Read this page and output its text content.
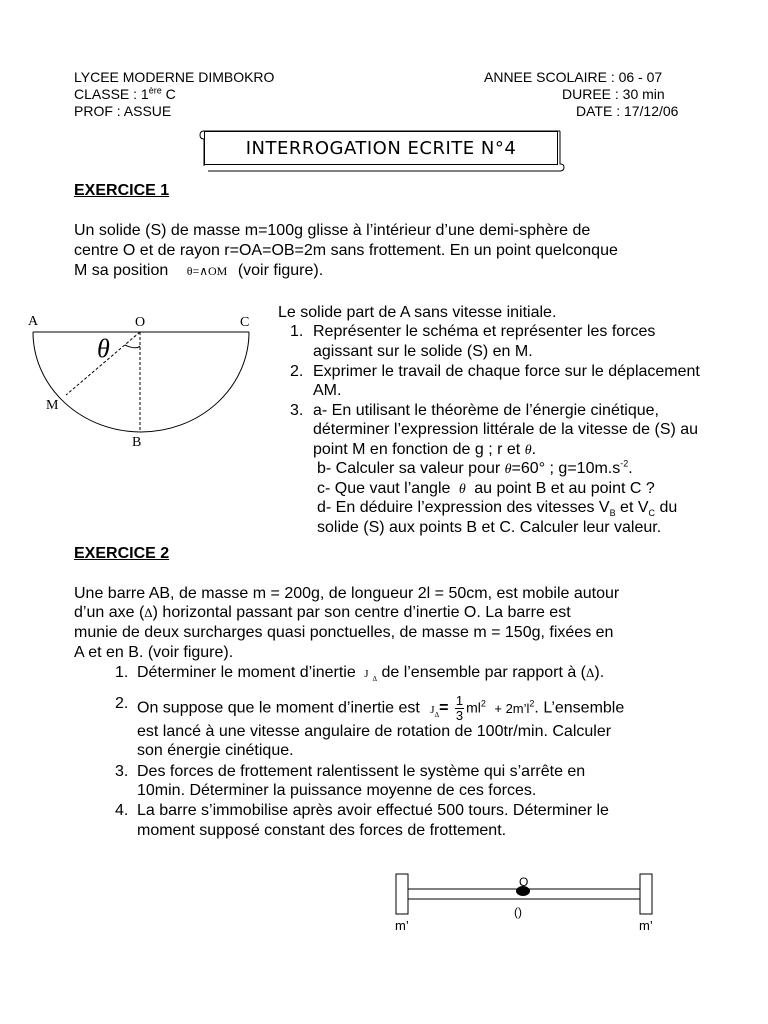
LYCEE MODERNE DIMBOKRO
CLASSE : 1ère C
PROF : ASSUE
ANNEE SCOLAIRE : 06 - 07
DUREE : 30 min
DATE : 17/12/06
INTERROGATION ECRITE N°4
EXERCICE 1
Un solide (S) de masse m=100g glisse à l’intérieur d’une demi-sphère de
centre O et de rayon r=OA=OB=2m sans frottement. En un point quelconque
M sa position θ=∧OM (voir figure).
A	O	C
M
B
θ
Le solide part de A sans vitesse initiale.
1. Représenter le schéma et représenter les forces
agissant sur le solide (S) en M.
2. Exprimer le travail de chaque force sur le déplacement
AM.
3. a- En utilisant le théorème de l’énergie cinétique,
déterminer l’expression littérale de la vitesse de (S) au
point M en fonction de g ; r et θ.
b- Calculer sa valeur pour θ=60° ; $g=10m.s^{-2}$.
c- Que vaut l’angle θ au point B et au point C ?
d- En déduire l’expression des vitesses $V_B$ et $V_C$ du
solide (S) aux points B et C. Calculer leur valeur.
EXERCICE 2
Une barre AB, de masse m = 200g, de longueur 2l = 50cm, est mobile autour
d’un axe (Δ) horizontal passant par son centre d’inertie O. La barre est
munie de deux surcharges quasi ponctuelles, de masse m = 150g, fixées en
A et en B. (voir figure).
1. Déterminer le moment d’inertie J $_\Delta$ de l’ensemble par rapport à (Δ).
2. On suppose que le moment d’inertie est $J_\Delta= \frac{1}{3} ml^2$ + $2m’l^2$. L’ensemble
est lancé à une vitesse angulaire de rotation de 100tr/min. Calculer
son énergie cinétique.
3. Des forces de frottement ralentissent le système qui s’arrête en
10min. Déterminer la puissance moyenne de ces forces.
4. La barre s’immobilise après avoir effectué 500 tours. Déterminer le
moment supposé constant des forces de frottement.
O
()
m’	m’
